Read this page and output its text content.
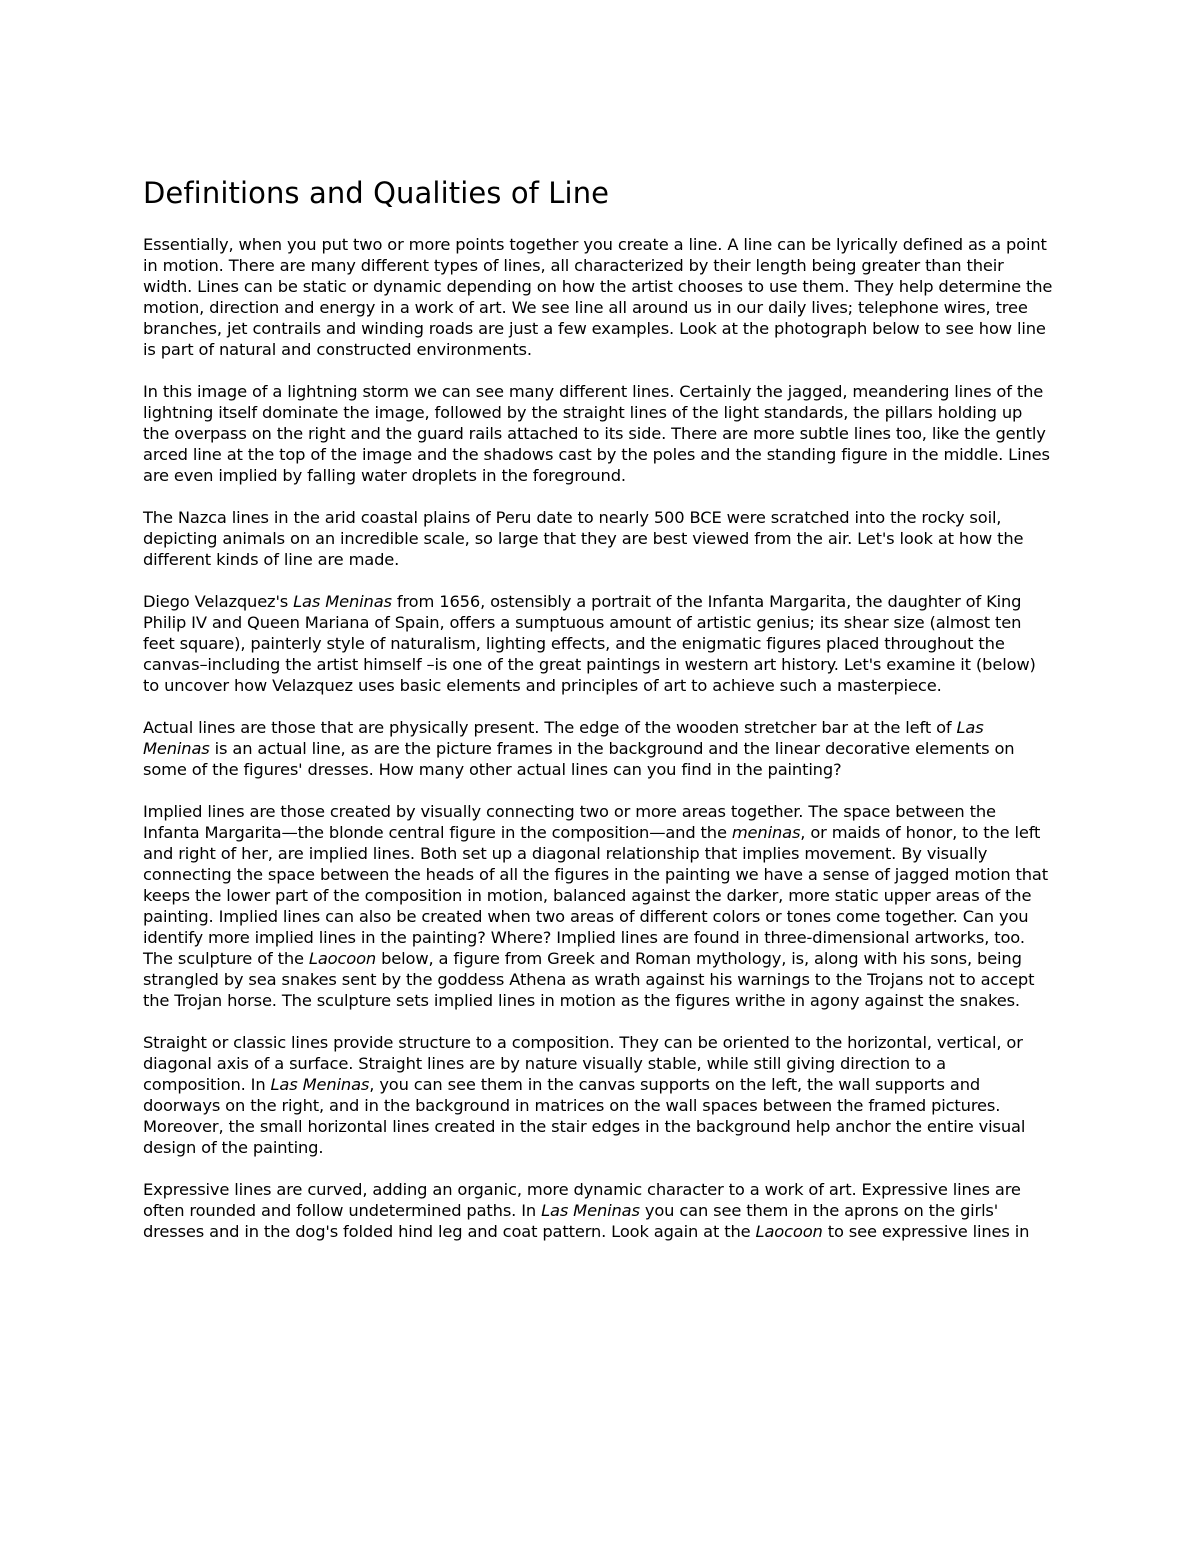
Definitions and Qualities of Line

Essentially, when you put two or more points together you create a line. A line can be lyrically defined as a point in motion. There are many different types of lines, all characterized by their length being greater than their width. Lines can be static or dynamic depending on how the artist chooses to use them. They help determine the motion, direction and energy in a work of art. We see line all around us in our daily lives; telephone wires, tree branches, jet contrails and winding roads are just a few examples. Look at the photograph below to see how line is part of natural and constructed environments.

In this image of a lightning storm we can see many different lines. Certainly the jagged, meandering lines of the lightning itself dominate the image, followed by the straight lines of the light standards, the pillars holding up the overpass on the right and the guard rails attached to its side. There are more subtle lines too, like the gently arced line at the top of the image and the shadows cast by the poles and the standing figure in the middle. Lines are even implied by falling water droplets in the foreground.

The Nazca lines in the arid coastal plains of Peru date to nearly 500 BCE were scratched into the rocky soil, depicting animals on an incredible scale, so large that they are best viewed from the air. Let's look at how the different kinds of line are made.

Diego Velazquez's Las Meninas from 1656, ostensibly a portrait of the Infanta Margarita, the daughter of King Philip IV and Queen Mariana of Spain, offers a sumptuous amount of artistic genius; its shear size (almost ten feet square), painterly style of naturalism, lighting effects, and the enigmatic figures placed throughout the canvas–including the artist himself –is one of the great paintings in western art history. Let's examine it (below) to uncover how Velazquez uses basic elements and principles of art to achieve such a masterpiece.

Actual lines are those that are physically present. The edge of the wooden stretcher bar at the left of Las Meninas is an actual line, as are the picture frames in the background and the linear decorative elements on some of the figures' dresses. How many other actual lines can you find in the painting?

Implied lines are those created by visually connecting two or more areas together. The space between the Infanta Margarita—the blonde central figure in the composition—and the meninas, or maids of honor, to the left and right of her, are implied lines. Both set up a diagonal relationship that implies movement. By visually connecting the space between the heads of all the figures in the painting we have a sense of jagged motion that keeps the lower part of the composition in motion, balanced against the darker, more static upper areas of the painting. Implied lines can also be created when two areas of different colors or tones come together. Can you identify more implied lines in the painting? Where? Implied lines are found in three-dimensional artworks, too. The sculpture of the Laocoon below, a figure from Greek and Roman mythology, is, along with his sons, being strangled by sea snakes sent by the goddess Athena as wrath against his warnings to the Trojans not to accept the Trojan horse. The sculpture sets implied lines in motion as the figures writhe in agony against the snakes.

Straight or classic lines provide structure to a composition. They can be oriented to the horizontal, vertical, or diagonal axis of a surface. Straight lines are by nature visually stable, while still giving direction to a composition. In Las Meninas, you can see them in the canvas supports on the left, the wall supports and doorways on the right, and in the background in matrices on the wall spaces between the framed pictures. Moreover, the small horizontal lines created in the stair edges in the background help anchor the entire visual design of the painting.

Expressive lines are curved, adding an organic, more dynamic character to a work of art. Expressive lines are often rounded and follow undetermined paths. In Las Meninas you can see them in the aprons on the girls' dresses and in the dog's folded hind leg and coat pattern. Look again at the Laocoon to see expressive lines in
